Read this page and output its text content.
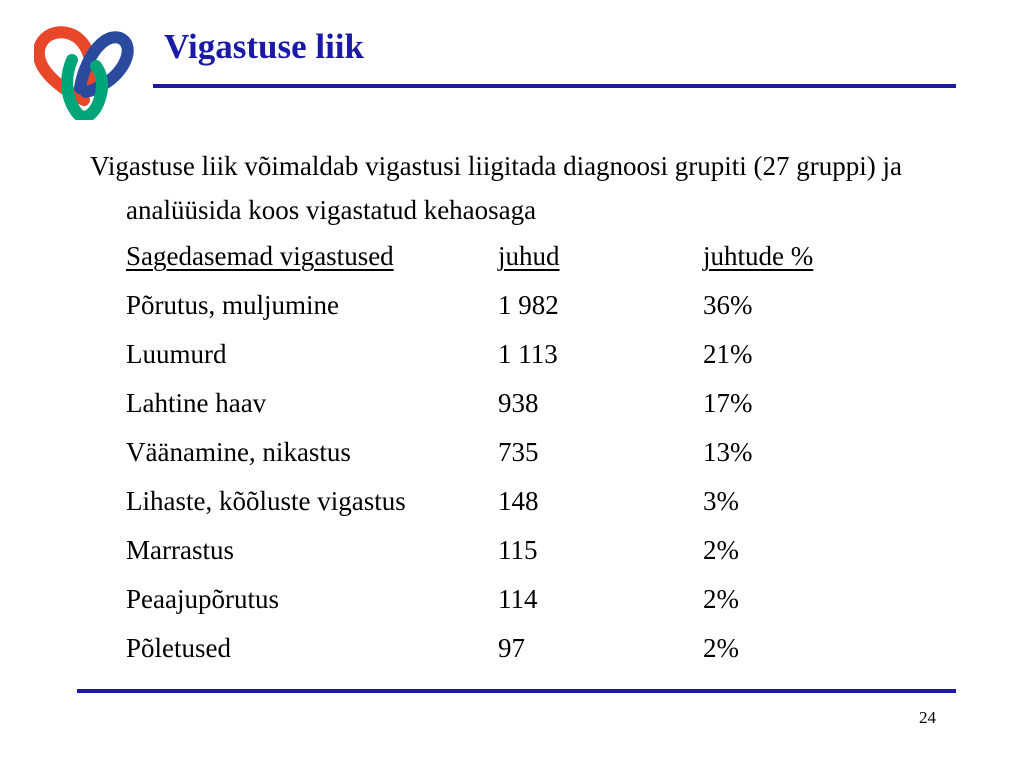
Vigastuse liik
Vigastuse liik võimaldab vigastusi liigitada diagnoosi grupiti (27 gruppi) ja analüüsida koos vigastatud kehaosaga
Sagedasemad vigastused	juhud	juhtude %
Põrutus, muljumine	1 982	36%
Luumurd	1 113	21%
Lahtine haav	938	17%
Väänamine, nikastus	735	13%
Lihaste, kõõluste vigastus	148	3%
Marrastus	115	2%
Peaajupõrutus	114	2%
Põletused	97	2%
24
